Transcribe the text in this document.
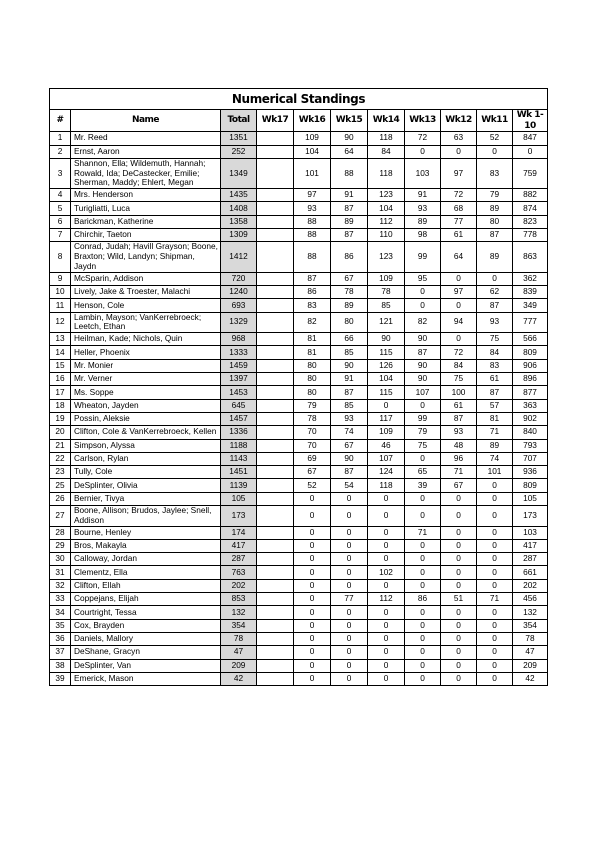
Numerical Standings
#	Name	Total	Wk17	Wk16	Wk15	Wk14	Wk13	Wk12	Wk11	Wk 1-10
1	Mr. Reed	1351		109	90	118	72	63	52	847
2	Ernst, Aaron	252		104	64	84	0	0	0	0
3	Shannon, Ella; Wildemuth, Hannah; Rowald, Ida; DeCastecker, Emilie; Sherman, Maddy; Ehlert, Megan	1349		101	88	118	103	97	83	759
4	Mrs. Henderson	1435		97	91	123	91	72	79	882
5	Turigliatti, Luca	1408		93	87	104	93	68	89	874
6	Barickman, Katherine	1358		88	89	112	89	77	80	823
7	Chirchir, Taeton	1309		88	87	110	98	61	87	778
8	Conrad, Judah; Havill Grayson; Boone, Braxton; Wild, Landyn; Shipman, Jaydn	1412		88	86	123	99	64	89	863
9	McSparin, Addison	720		87	67	109	95	0	0	362
10	Lively, Jake & Troester, Malachi	1240		86	78	78	0	97	62	839
11	Henson, Cole	693		83	89	85	0	0	87	349
12	Lambin, Mayson; VanKerrebroeck; Leetch, Ethan	1329		82	80	121	82	94	93	777
13	Heilman, Kade; Nichols, Quin	968		81	66	90	90	0	75	566
14	Heller, Phoenix	1333		81	85	115	87	72	84	809
15	Mr. Monier	1459		80	90	126	90	84	83	906
16	Mr. Verner	1397		80	91	104	90	75	61	896
17	Ms. Soppe	1453		80	87	115	107	100	87	877
18	Wheaton, Jayden	645		79	85	0	0	61	57	363
19	Possin, Aleksie	1457		78	93	117	99	87	81	902
20	Clifton, Cole & VanKerrebroeck, Kellen	1336		70	74	109	79	93	71	840
21	Simpson, Alyssa	1188		70	67	46	75	48	89	793
22	Carlson, Rylan	1143		69	90	107	0	96	74	707
23	Tully, Cole	1451		67	87	124	65	71	101	936
25	DeSplinter, Olivia	1139		52	54	118	39	67	0	809
26	Bernier, Tivya	105		0	0	0	0	0	0	105
27	Boone, Allison; Brudos, Jaylee; Snell, Addison	173		0	0	0	0	0	0	173
28	Bourne, Henley	174		0	0	0	71	0	0	103
29	Bros, Makayla	417		0	0	0	0	0	0	417
30	Calloway, Jordan	287		0	0	0	0	0	0	287
31	Clementz, Ella	763		0	0	102	0	0	0	661
32	Clifton, Ellah	202		0	0	0	0	0	0	202
33	Coppejans, Elijah	853		0	77	112	86	51	71	456
34	Courtright, Tessa	132		0	0	0	0	0	0	132
35	Cox, Brayden	354		0	0	0	0	0	0	354
36	Daniels, Mallory	78		0	0	0	0	0	0	78
37	DeShane, Gracyn	47		0	0	0	0	0	0	47
38	DeSplinter, Van	209		0	0	0	0	0	0	209
39	Emerick, Mason	42		0	0	0	0	0	0	42
